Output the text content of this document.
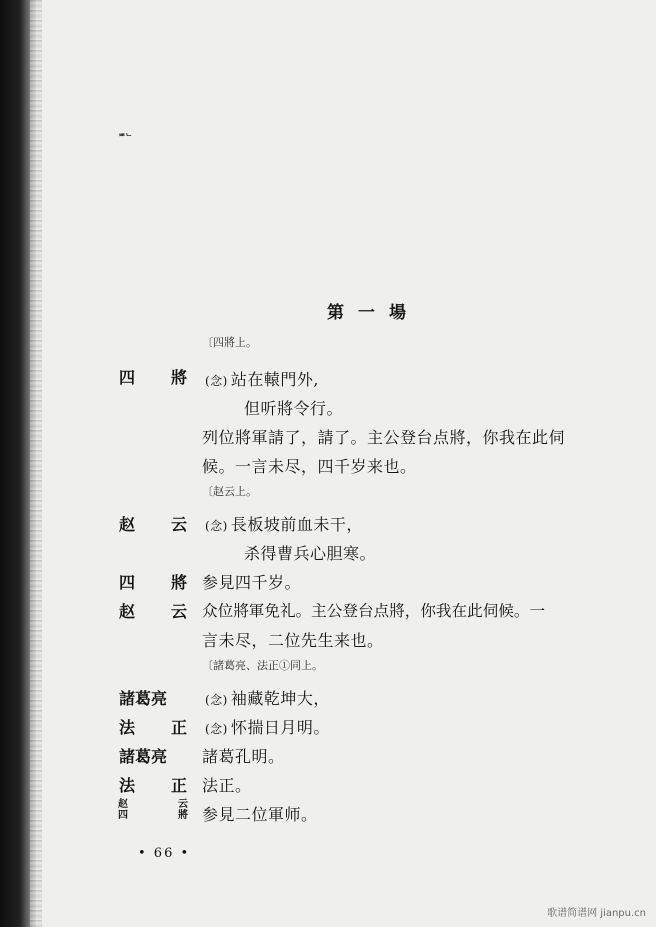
ᄈᄂ
第一場
〔四將上。
四 將 (念) 站在轅門外,
但听將令行。
列位將軍請了，請了。主公登台点將，你我在此伺
候。一言未尽，四千岁来也。
〔赵云上。
赵 云 (念) 長板坡前血未干，
杀得曹兵心胆寒。
四 將 参見四千岁。
赵 云 众位將軍免礼。主公登台点將，你我在此伺候。一
言未尽，二位先生来也。
〔諸葛亮、法正①同上。
諸葛亮	(念) 袖藏乾坤大，
法 正 (念) 怀揣日月明。
諸葛亮 諸葛孔明。
法 正 法正。
赵	云
四	將 参見二位軍师。
• 66 •
歌谱简谱网 jianpu.cn
